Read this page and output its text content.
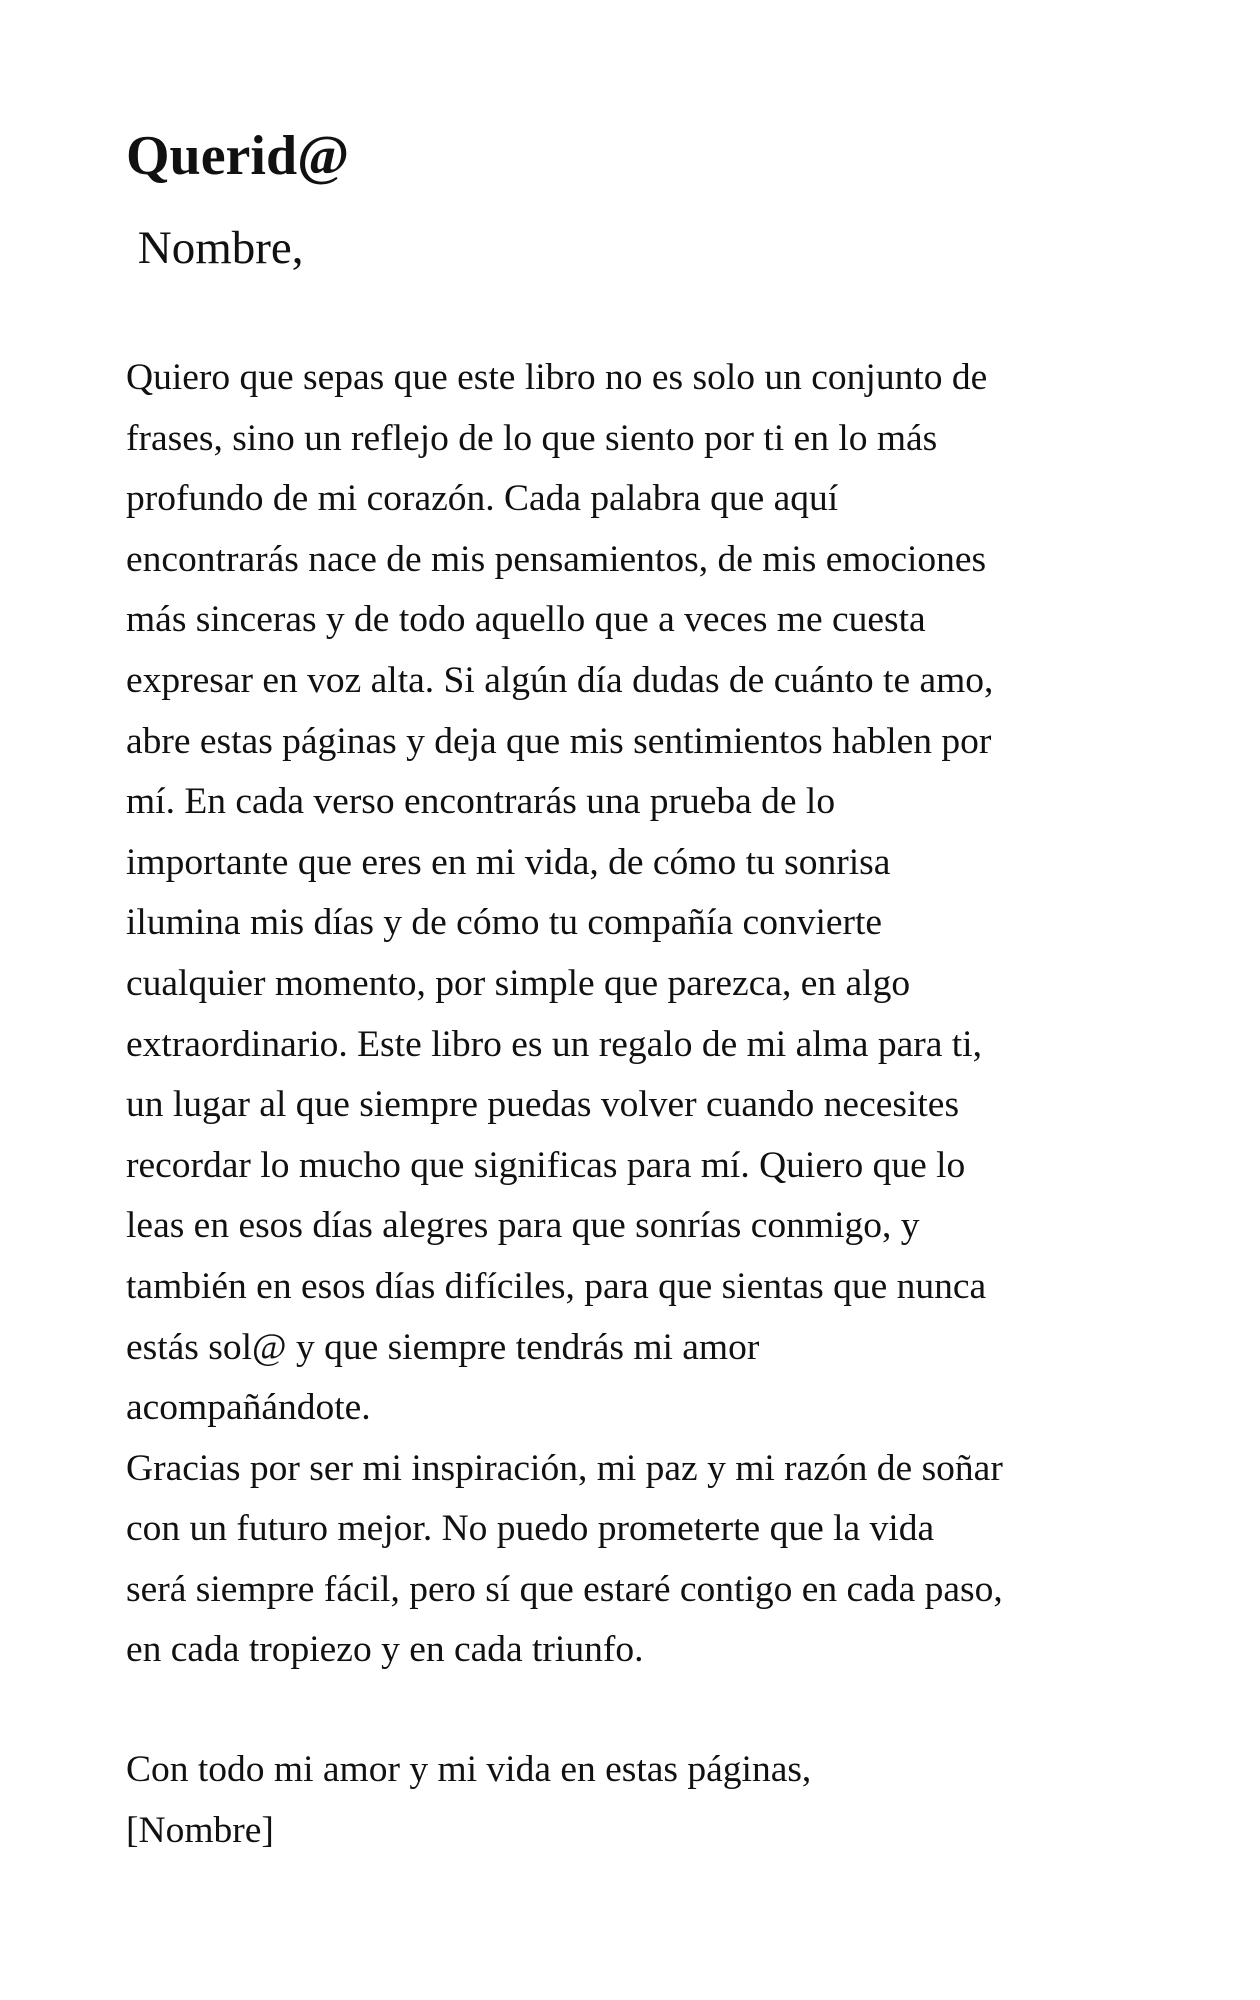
Querid@
Nombre,
Quiero que sepas que este libro no es solo un conjunto de
frases, sino un reflejo de lo que siento por ti en lo más
profundo de mi corazón. Cada palabra que aquí
encontrarás nace de mis pensamientos, de mis emociones
más sinceras y de todo aquello que a veces me cuesta
expresar en voz alta. Si algún día dudas de cuánto te amo,
abre estas páginas y deja que mis sentimientos hablen por
mí. En cada verso encontrarás una prueba de lo
importante que eres en mi vida, de cómo tu sonrisa
ilumina mis días y de cómo tu compañía convierte
cualquier momento, por simple que parezca, en algo
extraordinario. Este libro es un regalo de mi alma para ti,
un lugar al que siempre puedas volver cuando necesites
recordar lo mucho que significas para mí. Quiero que lo
leas en esos días alegres para que sonrías conmigo, y
también en esos días difíciles, para que sientas que nunca
estás sol@ y que siempre tendrás mi amor
acompañándote.
Gracias por ser mi inspiración, mi paz y mi razón de soñar
con un futuro mejor. No puedo prometerte que la vida
será siempre fácil, pero sí que estaré contigo en cada paso,
en cada tropiezo y en cada triunfo.
Con todo mi amor y mi vida en estas páginas,
[Nombre]
